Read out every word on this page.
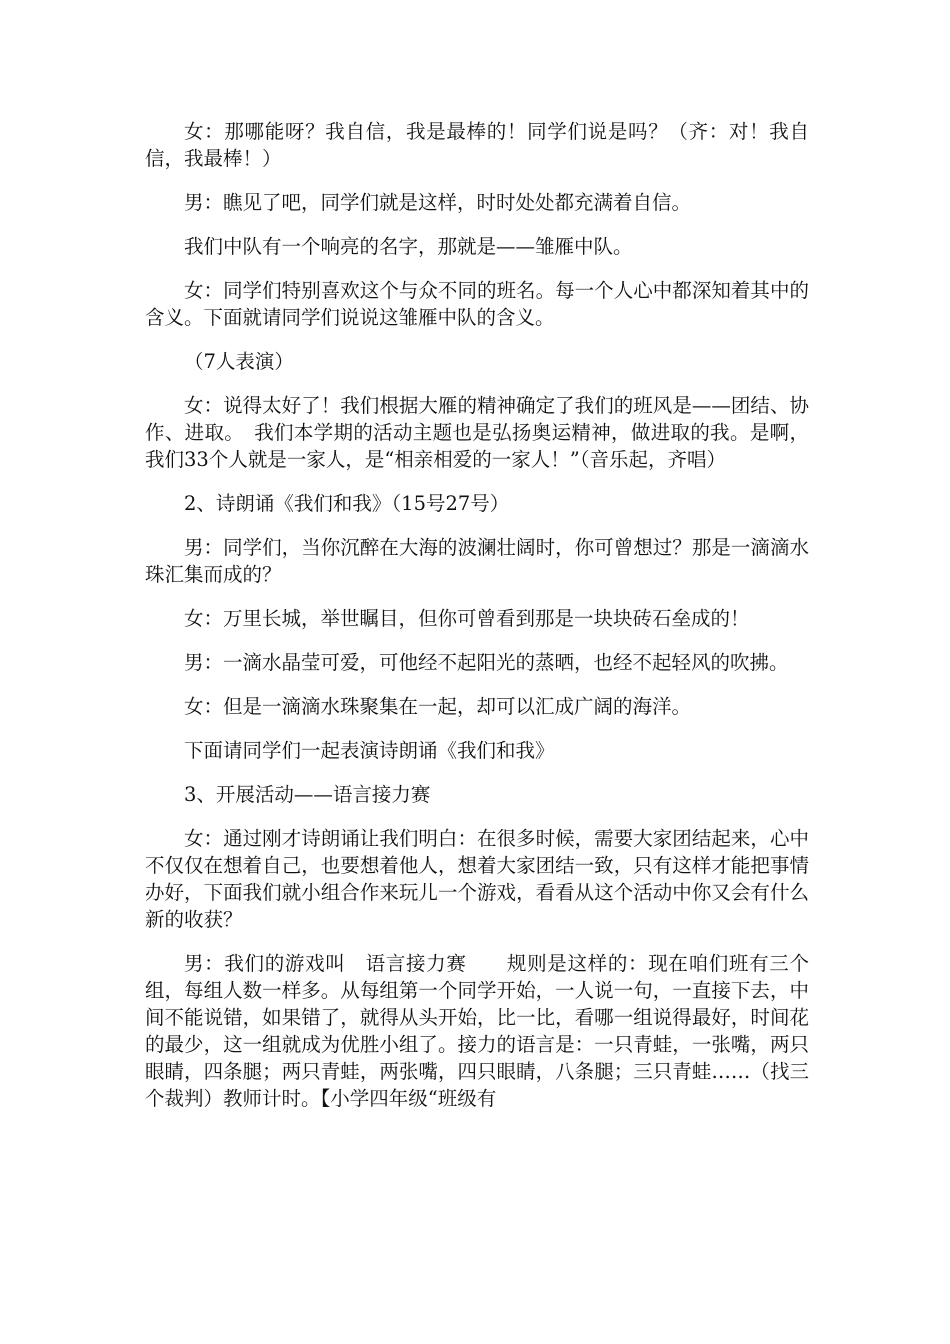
女：那哪能呀？我自信，我是最棒的！同学们说是吗？（齐：对！我自信，我最棒！）

男：瞧见了吧，同学们就是这样，时时处处都充满着自信。

我们中队有一个响亮的名字，那就是——雏雁中队。

女：同学们特别喜欢这个与众不同的班名。每一个人心中都深知着其中的含义。下面就请同学们说说这雏雁中队的含义。

（7人表演）

女：说得太好了！我们根据大雁的精神确定了我们的班风是——团结、协作、进取。　我们本学期的活动主题也是弘扬奥运精神，做进取的我。是啊，我们33个人就是一家人，是“相亲相爱的一家人！”（音乐起，齐唱）

2、诗朗诵《我们和我》（15号27号）

男：同学们，当你沉醉在大海的波澜壮阔时，你可曾想过？那是一滴滴水珠汇集而成的？

女：万里长城，举世瞩目，但你可曾看到那是一块块砖石垒成的！

男：一滴水晶莹可爱，可他经不起阳光的蒸晒，也经不起轻风的吹拂。

女：但是一滴滴水珠聚集在一起，却可以汇成广阔的海洋。

下面请同学们一起表演诗朗诵《我们和我》

3、开展活动——语言接力赛

女：通过刚才诗朗诵让我们明白：在很多时候，需要大家团结起来，心中不仅仅在想着自己，也要想着他人，想着大家团结一致，只有这样才能把事情办好，下面我们就小组合作来玩儿一个游戏，看看从这个活动中你又会有什么新的收获？

男：我们的游戏叫　语言接力赛　　规则是这样的：现在咱们班有三个组，每组人数一样多。从每组第一个同学开始，一人说一句，一直接下去，中间不能说错，如果错了，就得从头开始，比一比，看哪一组说得最好，时间花的最少，这一组就成为优胜小组了。接力的语言是：一只青蛙，一张嘴，两只眼睛，四条腿；两只青蛙，两张嘴，四只眼睛，八条腿；三只青蛙……（找三个裁判）教师计时。【小学四年级“班级有
